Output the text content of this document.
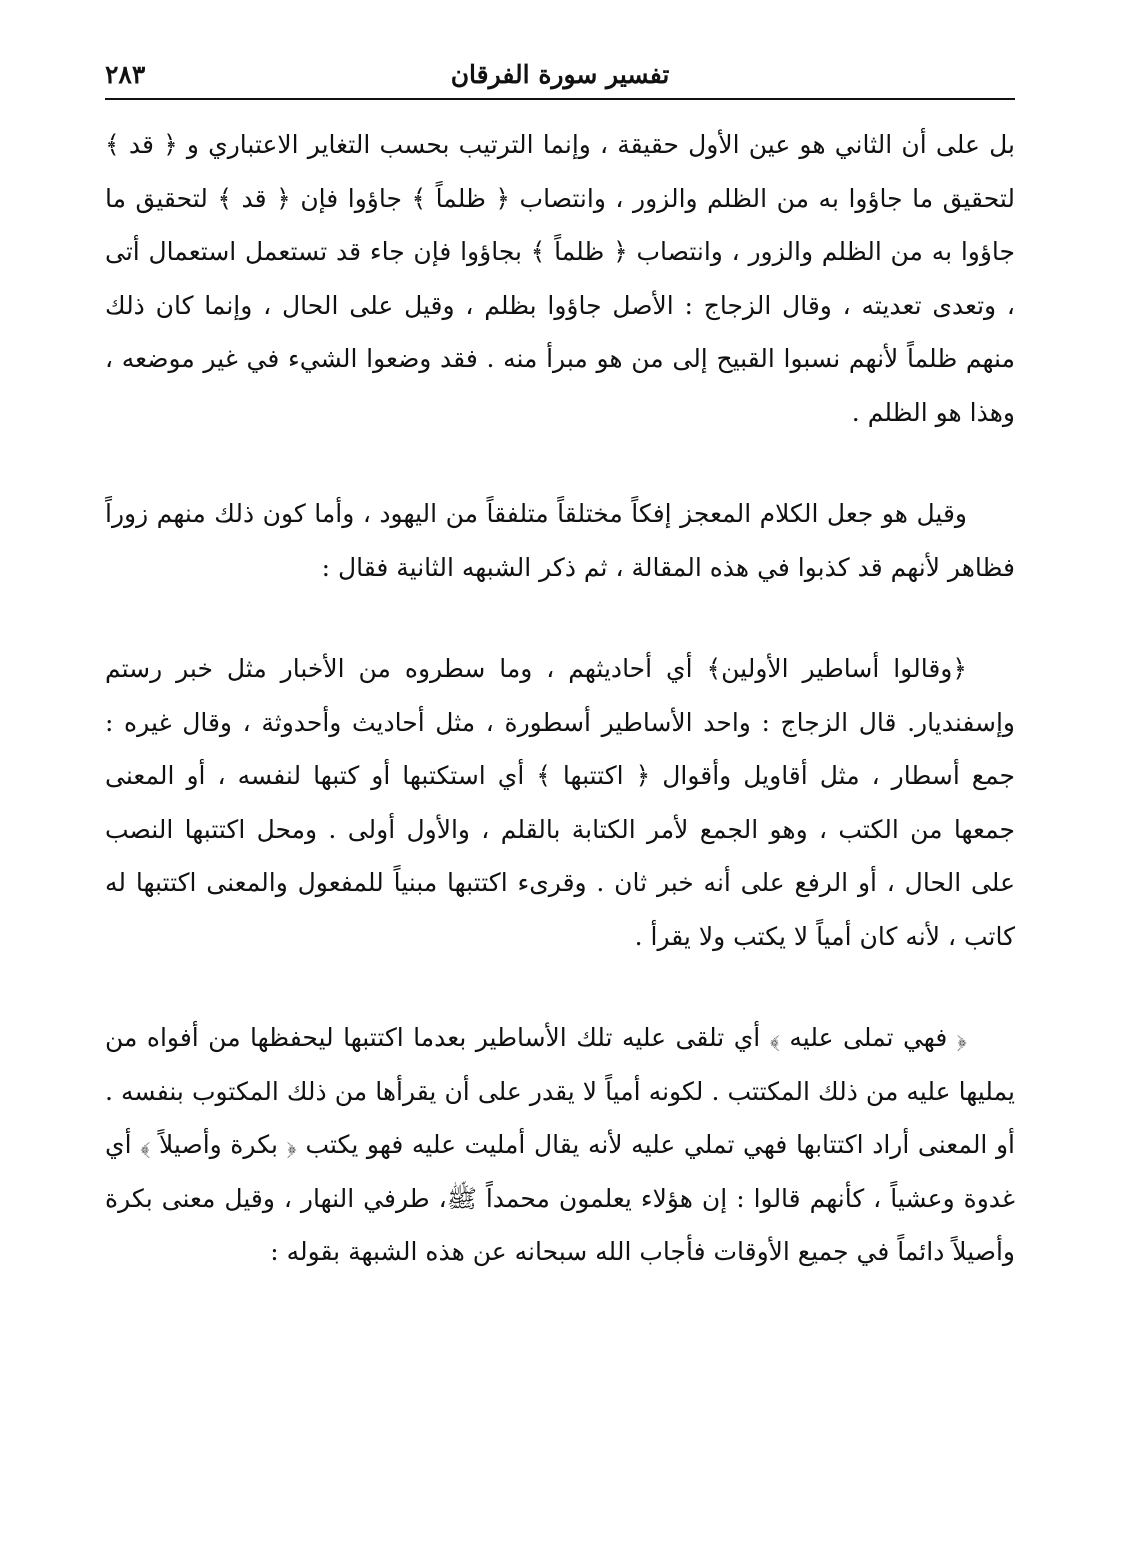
تفسير سورة الفرقان
٢٨٣

بل على أن الثاني هو عين الأول حقيقة ، وإنما الترتيب بحسب التغاير الاعتباري و ﴿ قد ﴾ لتحقيق ما جاؤوا به من الظلم والزور ، وانتصاب ﴿ ظلماً ﴾ جاؤوا فإن ﴿ قد ﴾ لتحقيق ما جاؤوا به من الظلم والزور ، وانتصاب ﴿ ظلماً ﴾ بجاؤوا فإن جاء قد تستعمل استعمال أتى ، وتعدى تعديته ، وقال الزجاج : الأصل جاؤوا بظلم ، وقيل على الحال ، وإنما كان ذلك منهم ظلماً لأنهم نسبوا القبيح إلى من هو مبرأ منه . فقد وضعوا الشيء في غير موضعه ، وهذا هو الظلم .

وقيل هو جعل الكلام المعجز إفكاً مختلقاً متلفقاً من اليهود ، وأما كون ذلك منهم زوراً فظاهر لأنهم قد كذبوا في هذه المقالة ، ثم ذكر الشبهه الثانية فقال :

﴿وقالوا أساطير الأولين﴾ أي أحاديثهم ، وما سطروه من الأخبار مثل خبر رستم وإسفنديار. قال الزجاج : واحد الأساطير أسطورة ، مثل أحاديث وأحدوثة ، وقال غيره : جمع أسطار ، مثل أقاويل وأقوال ﴿ اكتتبها ﴾ أي استكتبها أو كتبها لنفسه ، أو المعنى جمعها من الكتب ، وهو الجمع لأمر الكتابة بالقلم ، والأول أولى . ومحل اكتتبها النصب على الحال ، أو الرفع على أنه خبر ثان . وقرىء اكتتبها مبنياً للمفعول والمعنى اكتتبها له كاتب ، لأنه كان أمياً لا يكتب ولا يقرأ .

﴿ فهي تملى عليه ﴾ أي تلقى عليه تلك الأساطير بعدما اكتتبها ليحفظها من أفواه من يمليها عليه من ذلك المكتتب . لكونه أمياً لا يقدر على أن يقرأها من ذلك المكتوب بنفسه . أو المعنى أراد اكتتابها فهي تملي عليه لأنه يقال أمليت عليه فهو يكتب ﴿ بكرة وأصيلاً ﴾ أي غدوة وعشياً ، كأنهم قالوا : إن هؤلاء يعلمون محمداً ﷺ، طرفي النهار ، وقيل معنى بكرة وأصيلاً دائماً في جميع الأوقات فأجاب الله سبحانه عن هذه الشبهة بقوله :
